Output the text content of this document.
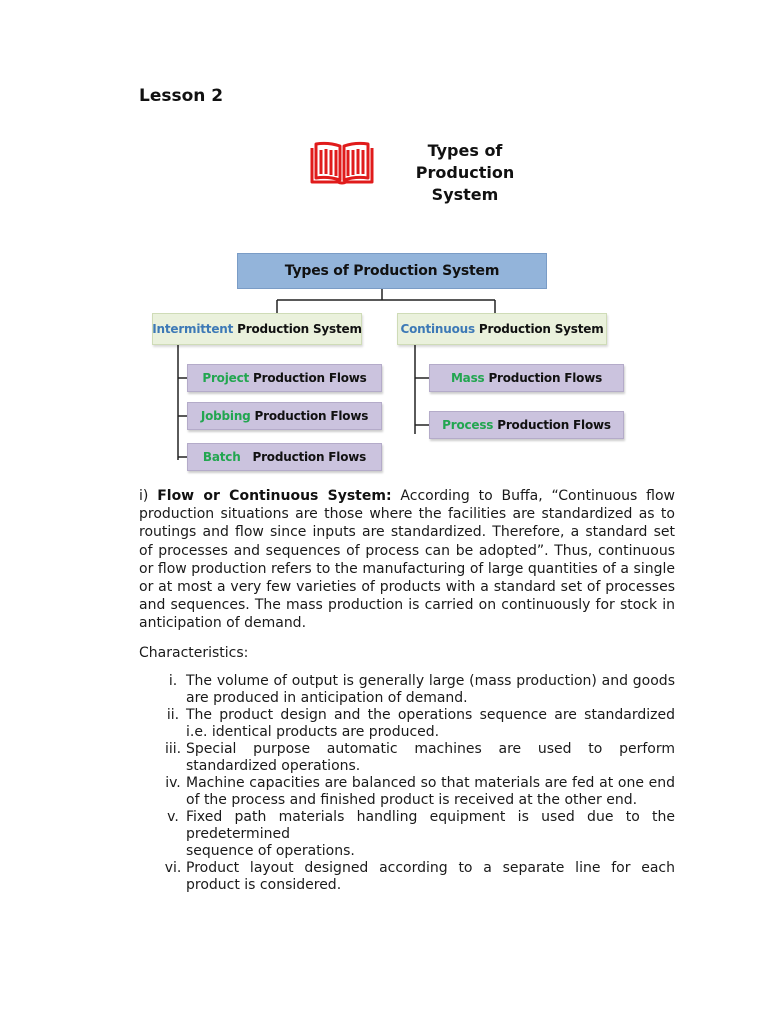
Lesson 2
Types of
Production System
Types of Production System
Intermittent Production System	Continuous Production System
Project Production Flows
Jobbing Production Flows
Batch Production Flows
Mass Production Flows
Process Production Flows
i) Flow or Continuous System: According to Buffa, “Continuous flow production situations are those where the facilities are standardized as to routings and flow since inputs are standardized. Therefore, a standard set of processes and sequences of process can be adopted”. Thus, continuous or flow production refers to the manufacturing of large quantities of a single or at most a very few varieties of products with a standard set of processes and sequences. The mass production is carried on continuously for stock in anticipation of demand.
Characteristics:
i. The volume of output is generally large (mass production) and goods are produced in anticipation of demand.

ii. The product design and the operations sequence are standardized i.e. identical products are produced.

iii. Special purpose automatic machines are used to perform standardized operations.

iv. Machine capacities are balanced so that materials are fed at one end of the process and finished product is received at the other end.

v. Fixed path materials handling equipment is used due to the predetermined

sequence of operations.

vi. Product layout designed according to a separate line for each product is considered.
